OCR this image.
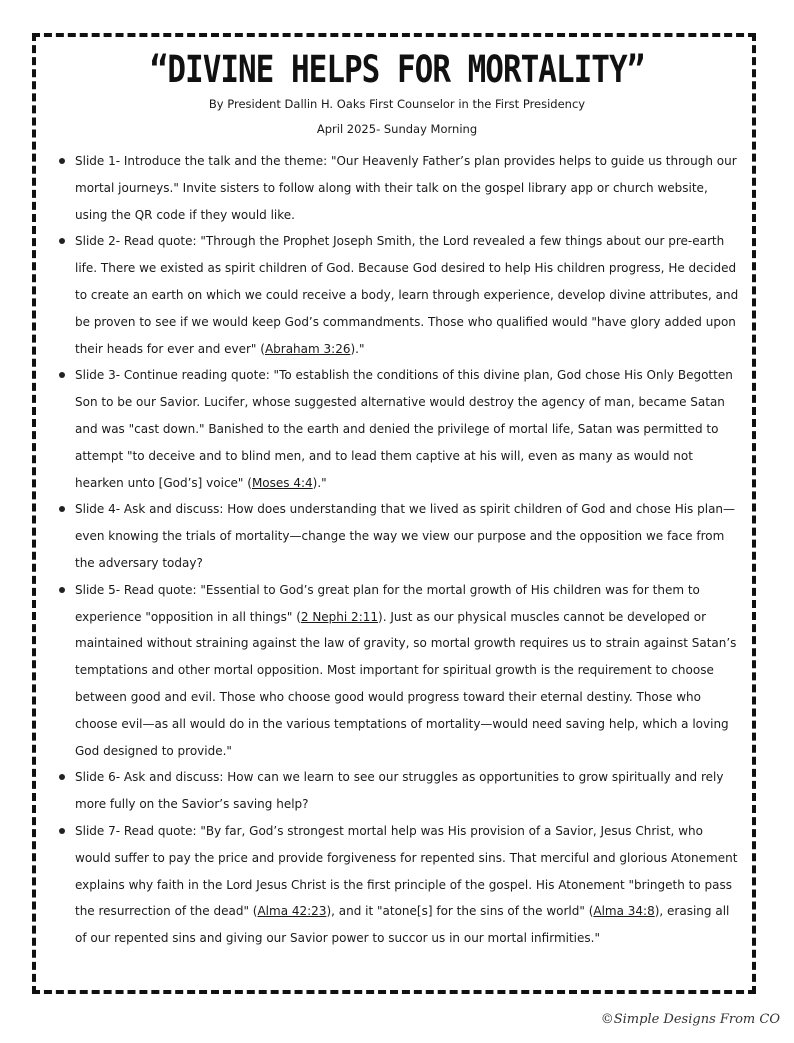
“DIVINE HELPS FOR MORTALITY”
By President Dallin H. Oaks First Counselor in the First Presidency
April 2025- Sunday Morning
Slide 1- Introduce the talk and the theme: "Our Heavenly Father’s plan provides helps to guide us through our mortal journeys." Invite sisters to follow along with their talk on the gospel library app or church website, using the QR code if they would like.
Slide 2- Read quote: "Through the Prophet Joseph Smith, the Lord revealed a few things about our pre-earth life. There we existed as spirit children of God. Because God desired to help His children progress, He decided to create an earth on which we could receive a body, learn through experience, develop divine attributes, and be proven to see if we would keep God’s commandments. Those who qualified would "have glory added upon their heads for ever and ever" (Abraham 3:26)."
Slide 3- Continue reading quote: "To establish the conditions of this divine plan, God chose His Only Begotten Son to be our Savior. Lucifer, whose suggested alternative would destroy the agency of man, became Satan and was "cast down." Banished to the earth and denied the privilege of mortal life, Satan was permitted to attempt "to deceive and to blind men, and to lead them captive at his will, even as many as would not hearken unto [God’s] voice" (Moses 4:4)."
Slide 4- Ask and discuss: How does understanding that we lived as spirit children of God and chose His plan—even knowing the trials of mortality—change the way we view our purpose and the opposition we face from the adversary today?
Slide 5- Read quote: "Essential to God’s great plan for the mortal growth of His children was for them to experience "opposition in all things" (2 Nephi 2:11). Just as our physical muscles cannot be developed or maintained without straining against the law of gravity, so mortal growth requires us to strain against Satan’s temptations and other mortal opposition. Most important for spiritual growth is the requirement to choose between good and evil. Those who choose good would progress toward their eternal destiny. Those who choose evil—as all would do in the various temptations of mortality—would need saving help, which a loving God designed to provide."
Slide 6- Ask and discuss: How can we learn to see our struggles as opportunities to grow spiritually and rely more fully on the Savior’s saving help?
Slide 7- Read quote: "By far, God’s strongest mortal help was His provision of a Savior, Jesus Christ, who would suffer to pay the price and provide forgiveness for repented sins. That merciful and glorious Atonement explains why faith in the Lord Jesus Christ is the first principle of the gospel. His Atonement "bringeth to pass the resurrection of the dead" (Alma 42:23), and it "atone[s] for the sins of the world" (Alma 34:8), erasing all of our repented sins and giving our Savior power to succor us in our mortal infirmities."
©Simple Designs From CO
